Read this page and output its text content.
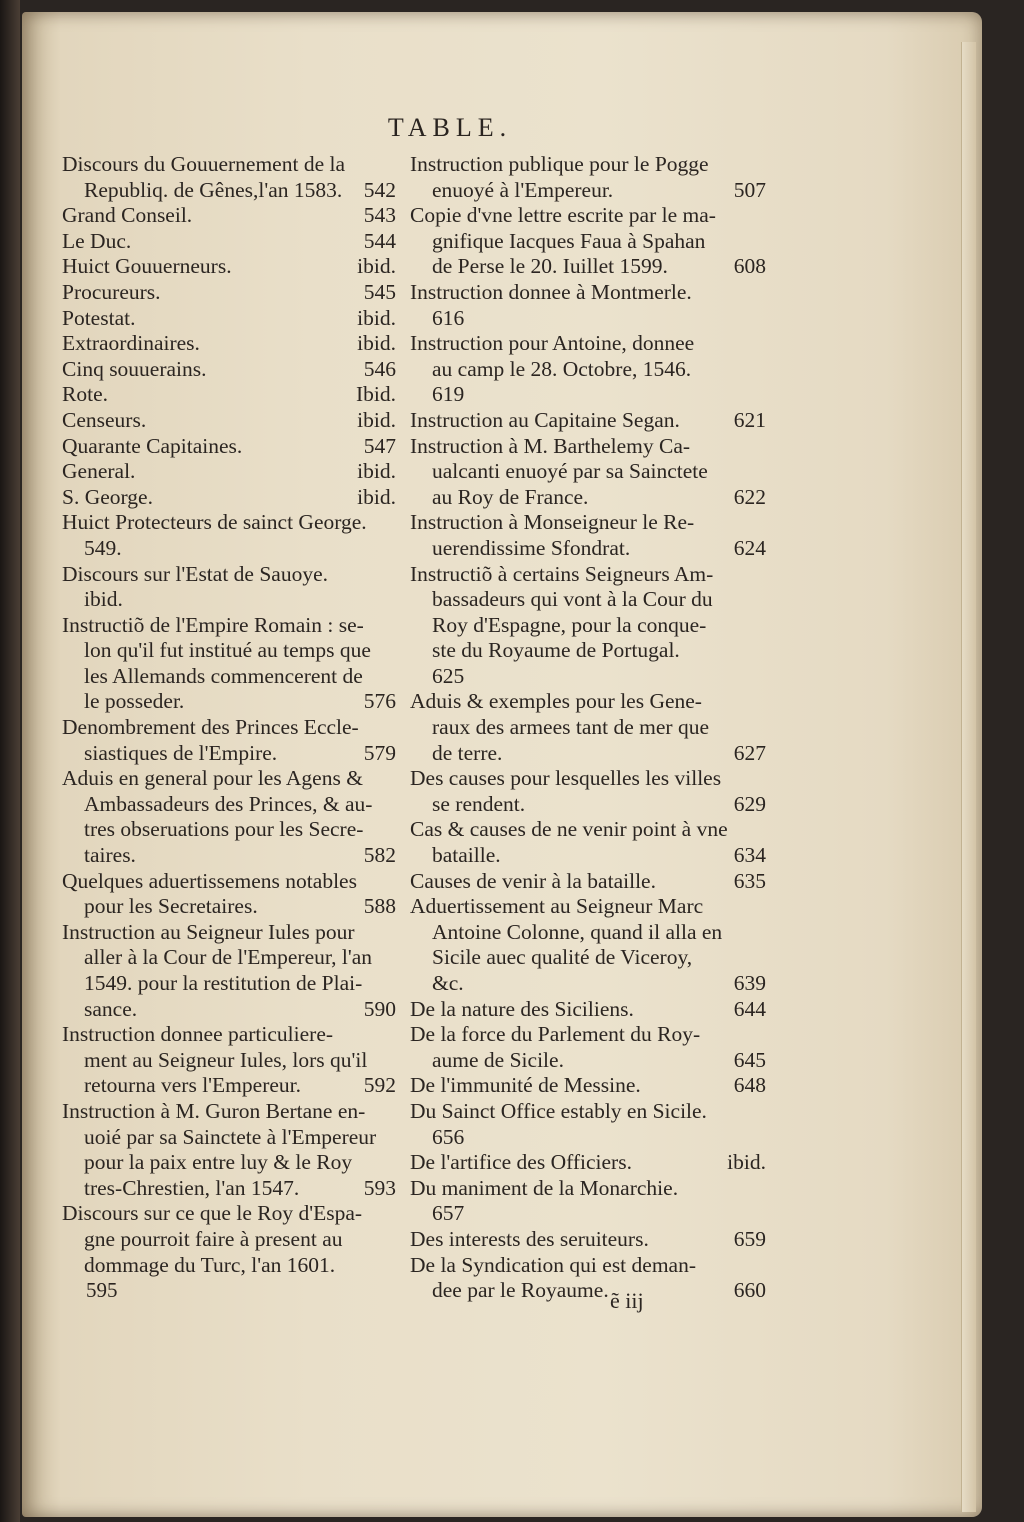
TABLE.
Discours du Gouuernement de la
542
Republiq. de Gênes,l'an 1583.
543
Grand Conseil.
544
Le Duc.
ibid.
Huict Gouuerneurs.
545
Procureurs.
ibid.
Potestat.
ibid.
Extraordinaires.
546
Cinq souuerains.
Ibid.
Rote.
ibid.
Censeurs.
547
Quarante Capitaines.
ibid.
General.
ibid.
S. George.
Huict Protecteurs de sainct George.
549.
Discours sur l'Estat de Sauoye.
ibid.
Instructiõ de l'Empire Romain : se-
lon qu'il fut institué au temps que
les Allemands commencerent de
576
le posseder.
Denombrement des Princes Eccle-
579
siastiques de l'Empire.
Aduis en general pour les Agens &
Ambassadeurs des Princes, & au-
tres obseruations pour les Secre-
582
taires.
Quelques aduertissemens notables
588
pour les Secretaires.
Instruction au Seigneur Iules pour
aller à la Cour de l'Empereur, l'an
1549. pour la restitution de Plai-
590
sance.
Instruction donnee particuliere-
ment au Seigneur Iules, lors qu'il
592
retourna vers l'Empereur.
Instruction à M. Guron Bertane en-
uoié par sa Sainctete à l'Empereur
pour la paix entre luy & le Roy
593
tres-Chrestien, l'an 1547.
Discours sur ce que le Roy d'Espa-
gne pourroit faire à present au
dommage du Turc, l'an 1601.
Instruction publique pour le Pogge
507
enuoyé à l'Empereur.
Copie d'vne lettre escrite par le ma-
gnifique Iacques Faua à Spahan
608
de Perse le 20. Iuillet 1599.
Instruction donnee à Montmerle.
616
Instruction pour Antoine, donnee
au camp le 28. Octobre, 1546.
619
621
Instruction au Capitaine Segan.
Instruction à M. Barthelemy Ca-
ualcanti enuoyé par sa Sainctete
622
au Roy de France.
Instruction à Monseigneur le Re-
624
uerendissime Sfondrat.
Instructiõ à certains Seigneurs Am-
bassadeurs qui vont à la Cour du
Roy d'Espagne, pour la conque-
ste du Royaume de Portugal.
625
Aduis & exemples pour les Gene-
raux des armees tant de mer que
627
de terre.
Des causes pour lesquelles les villes
629
se rendent.
Cas & causes de ne venir point à vne
634
bataille.
635
Causes de venir à la bataille.
Aduertissement au Seigneur Marc
Antoine Colonne, quand il alla en
Sicile auec qualité de Viceroy,
639
&c.
644
De la nature des Siciliens.
De la force du Parlement du Roy-
645
aume de Sicile.
648
De l'immunité de Messine.
Du Sainct Office estably en Sicile.
656
ibid.
De l'artifice des Officiers.
Du maniment de la Monarchie.
657
659
Des interests des seruiteurs.
De la Syndication qui est deman-
660
dee par le Royaume.
595	ẽ iij
